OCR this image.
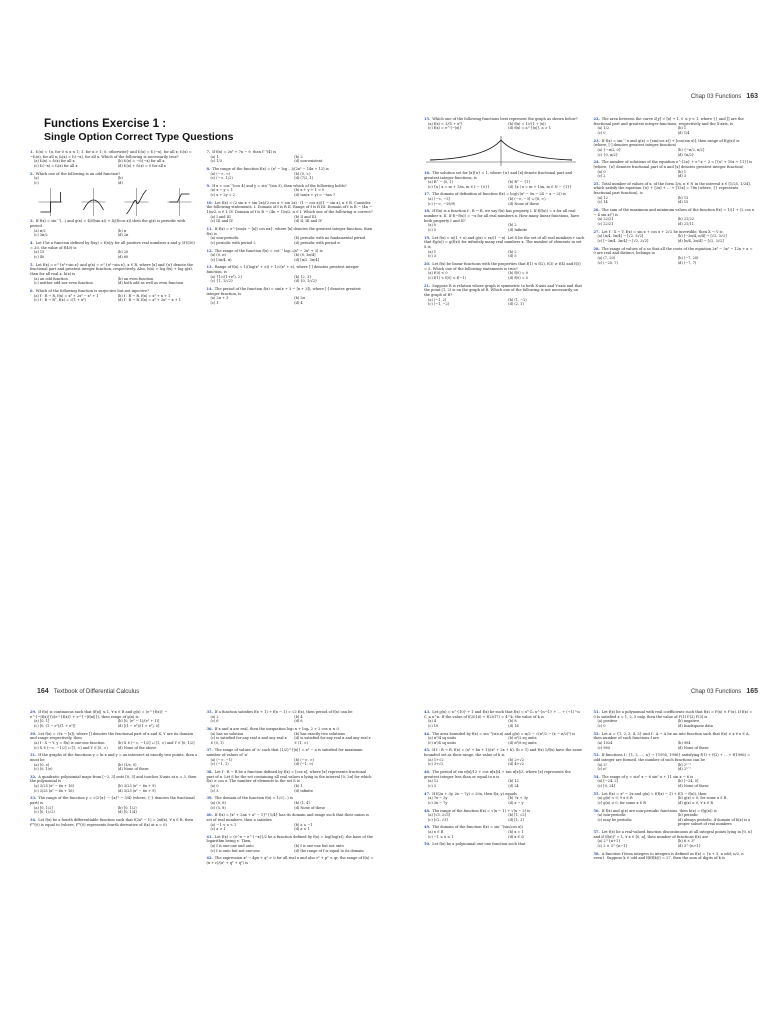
Functions Exercise 1 :
Single Option Correct Type Questions
1. f₁(x) = {x, for 0 ≤ x ≤ 1; 1, for x > 1; 0, otherwise} and f₂(x) = f₁(−x), for all x; f₃(x) = −f₂(x), for all x; f₄(x) = f₃(−x), for all x. Which of the following is necessarily true?
(a) f₄(x) = f₁(x) for all x	(b) f₁(x) = −f₃(−x) for all x
(c) f₂(−x) = f₄(x) for all x	(d) f₁(x) + f₃(x) = 0 for all x
2. Which one of the following is an odd function?
(a)	(b)
(c)	(d)
3. If f(x) = sin⁻¹(...) and g(x) = 4/(f(sin x)) + 4/(f(cos x)) then the g(x) is periodic with period
(a) π/2	(b) π
(c) 3π/2	(d) 2π
4. Let f be a function defined by f(xy) = f(x)/y for all positive real numbers x and y. If f(30) = 20, the value of f(40) is
(a) 15	(b) 20
(c) 40	(d) 60
5. Let f(x) = e^{x²+sin x} and g(x) = e^{x²−sin x}, x ∈ R, where [x] and {x} denote the fractional part and greatest integer function, respectively. Also, h(x) = log f(x) + log g(x), then for all real x, h(x) is
(a) an odd function	(b) an even function
(c) neither odd nor even function	(d) both odd as well as even function
6. Which of the following function is surjective but not injective?
(a) f : R → R, f(x) = x⁴ + 2x³ − x² + 1	(b) f : R → R, f(x) = x³ + x + 1
(c) f : R → R⁺, f(x) = √(1 + x²)	(d) f : R → R, f(x) = x³ + 2x² − x + 1
7. If f(x) = 2x³ + 7x − 9, then f⁻¹(4) is
(a) 1	(b) 2
(c) 1/3	(d) non-existent
8. The range of the function f(x) = (x² − log ...)/(2x² − 14x + 12) is
(a) (−∞, ∞)	(b) (0, ∞)
(c) (−∞, 1/2)	(d) (7/2, 1)
9. If x = cos⁻¹(cos 4) and y = sin⁻¹(sin 3), then which of the following holds?
(a) x − y = 1	(b) x + y + 1 = 0
(c) x + 2y = 2	(d) tan(x + y) = −tan 7
10. Let f(x) = (2 sin x + sin 2x)/(2 cos x + sin 2x) · (1 − cos x)/(1 − sin x), x ∈ R. Consider the following statements. I. Domain of f is R II. Range of f is R III. Domain of f is R − (4n − 1)π/2, n ∈ I. IV. Domain of f is R − (4n + 1)π/2, n ∈ I. Which one of the following is correct?
(a) I and III	(b) II and III
(c) III and IV	(d) II, III and IV
11. If f(x) = e^{sin(x − [x]) cos πx}, where [x] denotes the greatest integer function, then f(x) is
(a) non-periodic	(b) periodic with no fundamental period
(c) periodic with period 2	(d) periodic with period π
12. The range of the function f(x) = cot⁻¹ log₀.₅(x⁴ − 2x² + 3) is
(a) (0, π)	(b) (0, 3π/4]
(c) [3π/4, π)	(d) [π/2, 3π/4]
13. Range of f(x) = 1/(log(x² + e)) + 1/√(x² + e), where [·] denotes greatest integer function, is
(a) {1/√(1+e²), 2}	(b) {2, 3}
(c) {1, 1/√2}	(d) {0, 1/√2}
14. The period of the function f(x) = sin(x + 3 − [x + 3]), where [·] denotes greatest integer function, is
(a) 2π + 3	(b) 2π
(c) 1	(d) 4
Chap 03 Functions 163
15. Which one of the following functions best represent the graph as shown below?
(a) f(x) = 1/(1 + x²)	(b) f(x) = 1/√(1 + |x|)
(c) f(x) = e^{−|x|}	(d) f(x) = a^{|x|}, a > 1
16. The solution set for [x]{x} = 1, where {x} and [x] denote fractional part and greatest integer functions, is
(a) R⁺ − (0, 1)	(b) R⁺ − {1}
(c) {x | x = m + 1/m, m ∈ I − {0}}	(d) {x | x = m + 1/m, m ∈ N − {1}}
17. The domain of definition of function f(x) = log(√(x² − 5x − 24 − x − 2)) is
(a) (−∞, −3]	(b) (−∞, −3] ∪ [8, ∞)
(c) (−∞, −28/9)	(d) None of these
18. If f(x) is a function f : R → R, we say f(x) has property I. If f(f(x)) = x for all real number x. II. If f(−f(x)) = −x for all real numbers x. How many linear functions, have both property I and II?
(a) 0	(b) 2
(c) 3	(d) Infinite
19. Let f(x) = x/(1 + x) and g(x) = rx/(1 − x). Let S be the set of all real numbers r such that f(g(x)) = g(f(x)) for infinitely many real numbers x. The number of elements in set S is
(a) 1	(b) 2
(c) 3	(d) 5
20. Let f(x) be linear functions with the properties that f(1) ≤ f(2), f(3) ≥ f(4) and f(5) = 5. Which one of the following statements is true?
(a) f(0) < 0	(b) f(0) = 0
(c) f(1) < f(0) < f(−1)	(d) f(0) = 5
21. Suppose R is relation whose graph is symmetric to both X-axis and Y-axis and that the point (1, 2) is on the graph of R. Which one of the following is not necessarily on the graph of R?
(a) (−1, 2)	(b) (1, −2)
(c) (−1, −2)	(d) (2, 1)
22. The area between the curve 2[y] = [x] + 1, 0 ≤ y < 1, where {} and [] are the fractional part and greatest integer functions, respectively and the X-axis, is
(a) 1/2	(b) 1
(c) 0	(d) 1/4
23. If f(x) = sin⁻¹ x and g(x) = [sin(cos x)] + [cos(sin x)], then range of f(g(x)) is (where, [·] denotes greatest integer function)
(a) {−π/2, 0}	(b) {−π/2, π/2}
(c) {0, π/2}	(d) {π/2}
24. The number of solutions of the equation e^{2x} + e^x − 2 = [{x² + 10x + 11}] is (where, {x} denotes fractional part of x and [x] denotes greatest integer function)
(a) 0	(b) 1
(c) 2	(d) 3
25. Total number of values of x, of the form 1/n, n ∈ N in the interval x ∈ [1/25, 1/24], which satisfy the equation {x} + [2x] + ... + [12x] = 78x (where, {} represents fractional part function), is
(a) 12	(b) 13
(c) 14	(d) 15
26. The sum of the maximum and minimum values of the function f(x) = 1/(1 + (2 cos x − 4 sin x)²) is
(a) 22/21	(b) 21/22
(c) 22/21	(d) 21/11
27. Let f : X → Y, f(x) = sin x + cos x + 2√2 be invertible, then X → Y is
(a) [π/4, 5π/4] → [√2, 3√2]	(b) [−3π/4, π/4] → [√2, 3√2]
(c) [−3π/4, 3π/4] → [√2, 3√2]	(d) [π/4, 3π/4] → [√2, 3√2]
28. The range of values of a so that all the roots of the equation 2x³ − 3x² − 12x + a = 0 are real and distinct, belongs to
(a) (7, 20)	(b) (−7, 20)
(c) (−20, 7)	(d) (−7, 7)
164 Textbook of Differential Calculus
29. If f(x) is continuous such that |f(x)| ≤ 1, ∀ x ∈ R and g(x) = (e^{f(x)} − e^{−|f(x)|})/(e^{f(x)} + e^{−|f(x)|}), then range of g(x) is
(a) [0, 1]	(b) [0, (e² − 1)/(e² + 1)]
(c) [0, (1 − e²)/(1 + e²)]	(d) [(1 − e²)/(1 + e²), 0]
30. Let f(x) = √(x − [x]), where [] denotes the fractional part of x and X, Y are its domain and range respectively, then
(a) f : X → Y, y = f(x) is one-one function	(b) X ∈ (−∞, −1/2] ∪ [1, ∞) and Y ∈ [0, 1/2]
(c) X ∈ (−∞, −1/2] ∪ [1, ∞) and Y ∈ [0, ∞)	(d) None of the above
31. If the graphs of the functions y = ln x and y = ax intersect at exactly two points, then a must be
(a) (0, e)	(b) (1/e, 0)
(c) (0, 1/e)	(d) None of these
32. A quadratic polynomial maps from [−2, 3] onto [0, 3] and touches X-axis at x = 3, then the polynomial is
(a) 3/25 (x² − 6x + 16)	(b) 3/25 (x² − 6x + 9)
(c) 3/25 (x² − 6x + 16)	(d) 3/25 (x² − 6x + 9)
33. The range of the function y = √(2{x} − {x}² − 3/4) (where, {·} denotes the fractional part) is
(a) [0, 1/2]	(b) [0, 1/2)
(c) [0, 1/√2)	(d) [0, 1/4]
34. Let f(x) be a fourth differentiable function such that f(2x² − 1) = 2xf(x), ∀ x ∈ R, then f⁽⁴⁾(0) is equal to (where, f⁽⁴⁾(0) represents fourth derivative of f(x) at x = 0)
35. If a function satisfies f(x + 1) + f(x − 1) = √2 f(x), then period of f(x) can be
(a) 2	(b) 4
(c) 6	(d) 8
36. If x and α are real, then the inequation log₂ x + logₓ 2 + 2 cos α ≤ 0
(a) has no solution	(b) has exactly two solutions
(c) is satisfied for any real α and any real x ∈ (0, 1)
(d) is satisfied for any real α and any real x ∈ (1, ∞)
37. The range of values of 'a' such that (1/2)^{|x|} = x² − a is satisfied for maximum number of values of 'x'
(a) (−∞, −1)	(b) (−∞, ∞)
(c) (−1, 1)	(d) (−1, ∞)
38. Let f : R → R be a function defined by f(x) = [cos x], where [x] represents fractional part of x. Let S be the set containing all real values x lying in the interval [0, 2π] for which f(x) ≠ cos x. The number of elements in the set S is
(a) 0	(b) 1
(c) 3	(d) infinite
39. The domain of the function f(x) = 1/√(...) is
(a) (0, 8)	(b) (1, 4)
(c) (5, 8)	(d) None of these
40. If f(x) = [x² + 2ax + a² − 1]^{1/4} has its domain and range such that their union is set of real numbers, then a satisfies
(a) −1 < a < 1	(b) a ≤ −1
(c) a > 1	(d) a ≤ 1
41. Let f(x) = (e^x − e^{−x})/2 be a function defined by f(x) = log(log(x)), the base of the logarithm being e. Then,
(a) f is one-one and onto	(b) f is one-one but not onto
(c) f is onto but not one-one	(d) the range of f is equal to its domain
42. The expression x² − 4px + q² > 0 for all real x and also r² + p² < qr, the range of f(x) = (x + r)/(x² + q² + q²) is
Chap 03 Functions 165
43. Let g(x) = x^{10} + 1 and f(x) be such that f(x) = x⁴ C₀ x^{n−1} + ... + (−1)^n C_n x^n. If the value of f(2016) + f(2017) = 4^k, the value of k is
(a) 4	(b) 8
(c) 10	(d) 16
44. The area bounded by f(x) = sin⁻¹(sin x) and g(x) = π/2 − √(π²/2 − (x − π/2)²) is
(a) π²/4 sq units	(b) π²/2 sq units
(c) π³/4 sq units	(d) π³/8 sq units
45. If f : R → R, f(x) = (x² + bx + 1)/(x² + 2x + b), (b > 1) and f(x) 1/f(x) have the same bounded set as their range, the value of b is
(a) 1+√2	(b) 2+√2
(c) 3+√2	(d) 4+√2
46. The period of sin π[x]/12 + cos π[x]/4 + tan π[x]/3, where [x] represents the greatest integer less than or equal to x is
(a) 12	(b) 12
(c) 3	(d) 24
47. If f(2x + 3y, 2x − 7y) = 20x, then f(x, y) equals
(a) 7x − 3y	(b) 7x + 3y
(c) 3x − 7y	(d) x − y
48. The range of the function f(x) = √(x − 1) + √(x − 2) is
(a) [√3, 2√3]	(b) [1, √2]
(c) [√2, √3]	(d) [1, 3]
49. The domain of the function f(x) = sin⁻¹(sin(cos x))
(a) x ∈ R	(b) x = 1
(c) −1 ≤ x ≤ 1	(d) x ∈ ∅
50. Let f(x) be a polynomial one-one function such that
51. Let f(x) be a polynomial with real coefficients such that f(x) = f'(x) × f''(x). If f(x) = 0 is satisfied x = 1, 2, 3 only, then the value of f'(1) f'(2) f'(3) is
(a) positive	(b) negative
(c) 0	(d) Inadequate data
52. Let A = {1, 2, 3, 4, 5} and f : A → A be an into function such that f(x) ≠ x ∀ x ∈ A, then number of such functions f are
(a) 1024	(b) 904
(c) 980	(d) None of these
53. If functions f : {1, 2, ..., n} → {1995, 1996} satisfying f(1) + f(2) + ... + f(1996) = odd integer are formed, the number of such functions can be
(a) 2ⁿ	(b) 2ⁿ⁻¹
(c) nⁿ	(d) 2ⁿ⁻¹
54. The range of y = sin³ x − 6 sin² x + 11 sin x − 6 is
(a) [−24, 2]	(b) [−24, 0]
(c) [0, 24]	(d) None of these
55. Let f(x) = x² − 2x and g(x) = f(f(x) − 1) + f(5 − f(x)), then
(a) g(x) < 0, ∀ x ∈ R	(b) g(x) < 0, for some x ∈ R
(c) g(x) ≥ 0, for some x ∈ R	(d) g(x) ≥ 0, ∀ x ∈ R
56. If f(x) and g(x) are non-periodic functions, then h(x) = f(g(x)) is
(a) non-periodic	(b) periodic
(c) may be periodic	(d) always periodic, if domain of h(x) is a proper subset of real numbers
57. Let f(x) be a real-valued function discontinuous at all integral points lying in [0, n] and if (f(x))² = 1, ∀ x ∈ [0, n], then number of functions f(x) are
(a) 2^{n+1}	(b) 6 × 3ⁿ
(c) 2 × 3^{n−1}	(d) 3^{n+1}
58. A function f from integers to integers is defined as f(x) = {x + 3, n odd; n/2, n even}. Suppose k ∈ odd and f(f(f(k))) = 27, then the sum of digits of k is
